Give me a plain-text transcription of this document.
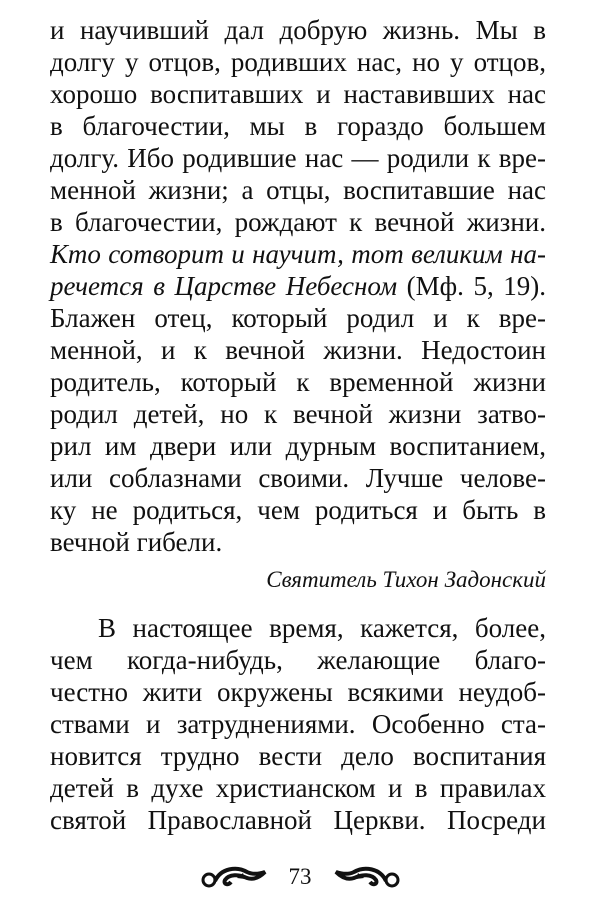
и научивший дал добрую жизнь. Мы в
долгу у отцов, родивших нас, но у отцов,
хорошо воспитавших и наставивших нас
в благочестии, мы в гораздо большем
долгу. Ибо родившие нас — родили к вре-
менной жизни; а отцы, воспитавшие нас
в благочестии, рождают к вечной жизни.
Кто сотворит и научит, тот великим на-
речется в Царстве Небесном (Мф. 5, 19).
Блажен отец, который родил и к вре-
менной, и к вечной жизни. Недостоин
родитель, который к временной жизни
родил детей, но к вечной жизни затво-
рил им двери или дурным воспитанием,
или соблазнами своими. Лучше челове-
ку не родиться, чем родиться и быть в
вечной гибели.
Святитель Тихон Задонский
В настоящее время, кажется, более,
чем когда-нибудь, желающие благо-
честно жити окружены всякими неудоб-
ствами и затруднениями. Особенно ста-
новится трудно вести дело воспитания
детей в духе христианском и в правилах
святой Православной Церкви. Посреди
73
